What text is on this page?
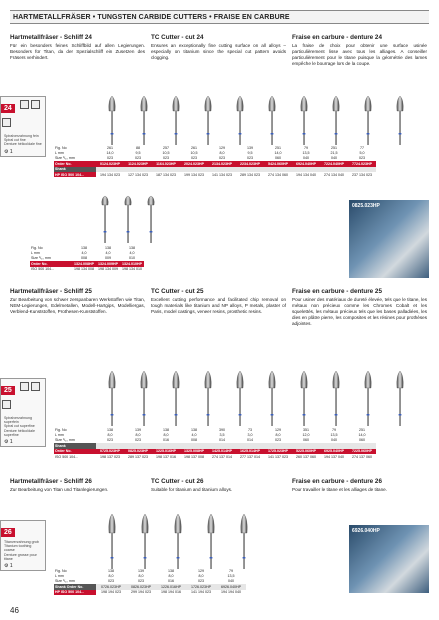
HARTMETALLFRÄSER • TUNGSTEN CARBIDE CUTTERS • FRAISE EN CARBURE
Hartmetallfräser - Schliff 24
Für ein besonders feines Schliffbild auf allen Legierungen. Besonders für Titan, da der Spezialschliff ein Zusetzen des Fräsers verhindert.
TC Cutter - cut 24
Ensures an exceptionally fine cutting surface on all alloys – especially on titanium since the special cut pattern avoids clogging.
Fraise en carbure - denture 24
La fraise de choix pour obtenir une surface usinée particulièrement lisse avec tous les alliages. A conseiller particulièrement pour le titane puisque la géométrie des lames empêche le bourrage lors de la coupe.
24
Spiralverzahnung fein
Spiral cut fine
Denture hélicoïdale fine
⚙ 1
Fig. No	261	88	257	261	129	139	251	79	251	77
L mm	14,0	9,5	10,5	10,5	8,0	9,5	14,0	13,5	21,5	5,0
Size ¹/₁₀ mm	023	023	023	023	023	023	060	040	040	023
Order No.	0124.023HP	1124.023HP	1164.023HP	2024.023HP	2134.023HP	2234.023HP	5424.060HP	6924.040HP	7224.040HP	7724.023HP
Shank										
HP ISO 500 104...	194 134 023	127 134 023	187 134 023	199 134 023	141 134 023	289 134 023	274 134 060	194 134 040	274 134 040	237 134 023
Fig. No	138	138	138
L mm	4,0	4,0	4,0
Size ¹/₁₀ mm	008	009	010
Order No.	1324.008HP	1324.009HP	1324.010HP
ISO 500 104...	198 134 008	198 134 009	198 134 010
0825.023HP
Hartmetallfräser - Schliff 25
Zur Bearbeitung von schwer zerspanbaren Werkstoffen wie Titan, NEM-Legierungen, Edelmetallen, Modell-Hartgips, Modelliergas, Verblend-Kunststoffen, Prothesen-Kunststoffen.
TC Cutter - cut 25
Excellent cutting performance and facilitated chip removal on tough materials like titanium and NP alloys, P metals, plaster of Paris, model castings, veneer resins, prosthetic resins.
Fraise en carbure - denture 25
Pour usiner des matériaux de dureté élevée, tels que le titane, les métaux non précieux comme les Chromes Cobalt et les squelettés, les métaux précieux tels que les bases palladiées, les dies en plâtre pierre, les composites et les résines pour prothèses adjointes.
25
Spiralverzahnung superfein
Spiral cut superfine
Denture hélicoïdale superfine
⚙ 1
Fig. No	138	139	138	138	390	73	129	351	79	251
L mm	8,0	8,0	8,0	4,0	3,5	3,0	8,0	12,0	13,5	14,0
Size ¹/₁₀ mm	023	023	016	008	014	014	023	060	040	060
Shank										
Order No.	0725.023HP	0825.023HP	1225.016HP	1325.008HP	1425.014HP	1625.014HP	1725.023HP	5225.060HP	6925.040HP	7225.060HP
ISO 500 104...	198 137 023	289 137 023	198 137 016	198 137 008	274 137 014	277 137 014	141 137 023	260 137 060	194 137 040	274 137 060
Hartmetallfräser - Schliff 26
Zur Bearbeitung von Titan und Titanlegierungen.
TC Cutter - cut 26
Suitable for titanium and titanium alloys.
Fraise en carbure - denture 26
Pour travailler le titane et les alliages de titane.
26
Titanverzahnung grob
Titanium toothing coarse
Denture grosse pour titane
⚙ 1
Fig. No	138	139	138	129	79
L mm	8,0	8,0	8,0	8,0	13,5
Size ¹/₁₀ mm	023	023	016	023	040
Shank Order No.	0726.023HP	0826.023HP	1226.016HP	1726.023HP	6926.040HP
HP ISO 500 104...	198 194 023	299 194 023	198 194 016	141 194 023	194 194 040
6926.040HP
46
